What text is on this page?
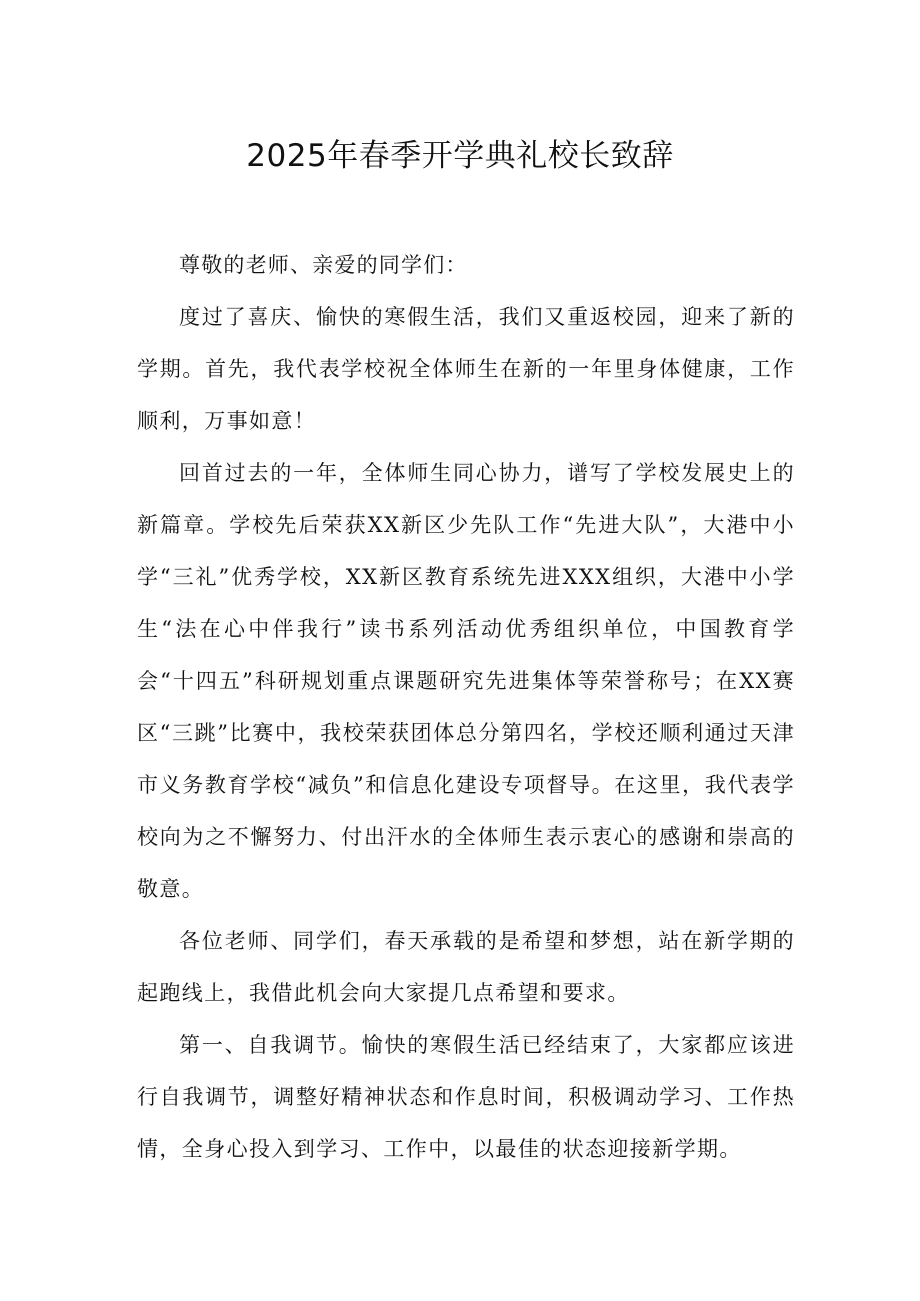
2025年春季开学典礼校长致辞

尊敬的老师、亲爱的同学们：

度过了喜庆、愉快的寒假生活，我们又重返校园，迎来了新的学期。首先，我代表学校祝全体师生在新的一年里身体健康，工作顺利，万事如意！

回首过去的一年，全体师生同心协力，谱写了学校发展史上的新篇章。学校先后荣获XX新区少先队工作“先进大队”，大港中小学“三礼”优秀学校，XX新区教育系统先进XXX组织，大港中小学生“法在心中伴我行”读书系列活动优秀组织单位，中国教育学会“十四五”科研规划重点课题研究先进集体等荣誉称号；在XX赛区“三跳”比赛中，我校荣获团体总分第四名，学校还顺利通过天津市义务教育学校“减负”和信息化建设专项督导。在这里，我代表学校向为之不懈努力、付出汗水的全体师生表示衷心的感谢和崇高的敬意。

各位老师、同学们，春天承载的是希望和梦想，站在新学期的起跑线上，我借此机会向大家提几点希望和要求。

第一、自我调节。愉快的寒假生活已经结束了，大家都应该进行自我调节，调整好精神状态和作息时间，积极调动学习、工作热情，全身心投入到学习、工作中，以最佳的状态迎接新学期。
